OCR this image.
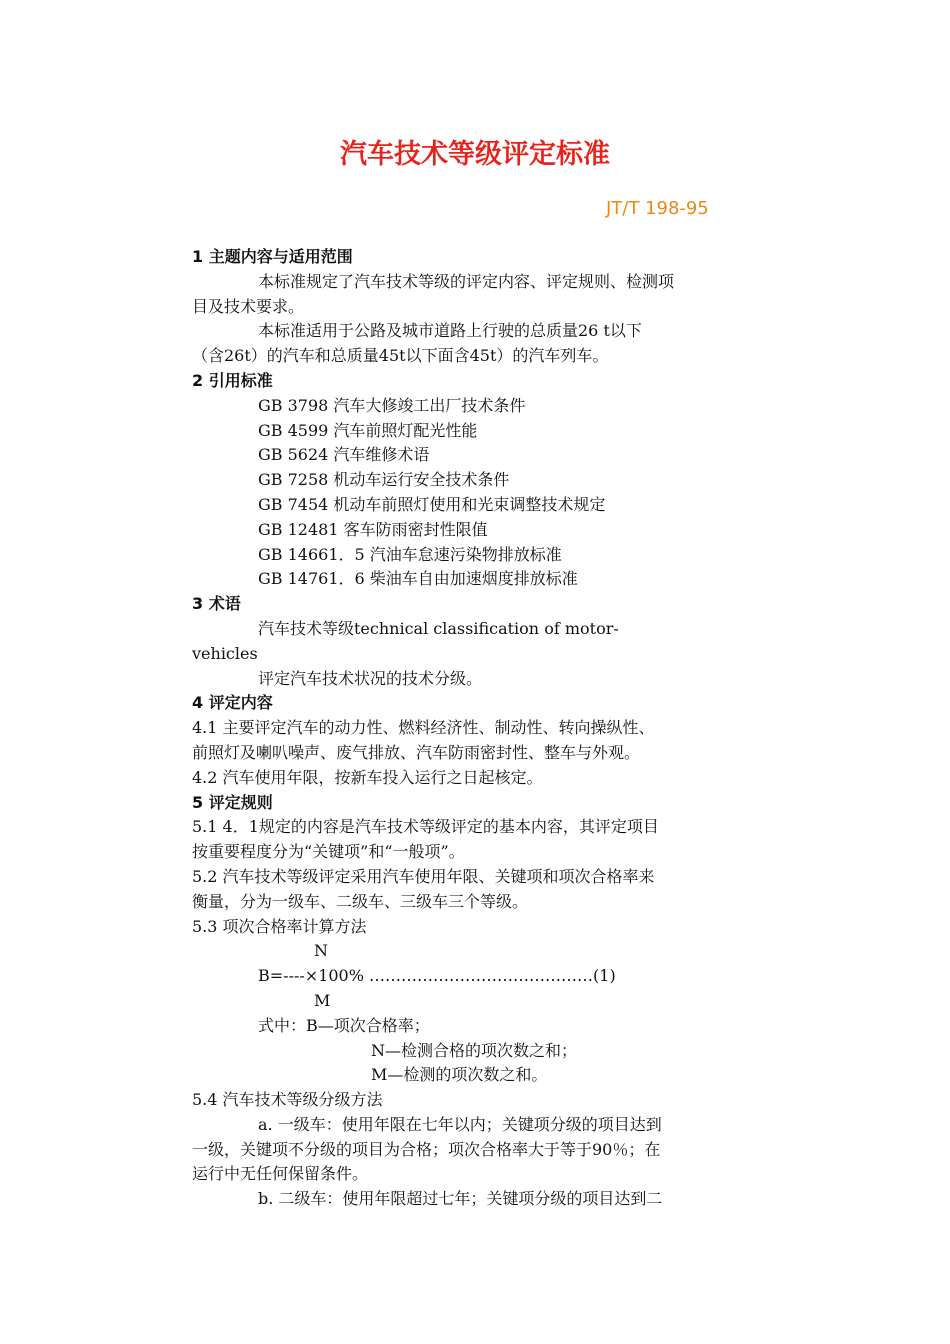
汽车技术等级评定标准
JT/T 198-95
1 主题内容与适用范围
本标准规定了汽车技术等级的评定内容、评定规则、检测项
目及技术要求。
本标准适用于公路及城市道路上行驶的总质量26 t以下
（含26t）的汽车和总质量45t以下面含45t）的汽车列车。
2 引用标准
GB 3798 汽车大修竣工出厂技术条件
GB 4599 汽车前照灯配光性能
GB 5624 汽车维修术语
GB 7258 机动车运行安全技术条件
GB 7454 机动车前照灯使用和光束调整技术规定
GB 12481 客车防雨密封性限值
GB 14661．5 汽油车怠速污染物排放标准
GB 14761．6 柴油车自由加速烟度排放标准
3 术语
汽车技术等级technical classification of motor-
vehicles
评定汽车技术状况的技术分级。
4 评定内容
4.1 主要评定汽车的动力性、燃料经济性、制动性、转向操纵性、
前照灯及喇叭噪声、废气排放、汽车防雨密封性、整车与外观。
4.2 汽车使用年限，按新车投入运行之日起核定。
5 评定规则
5.1 4．1规定的内容是汽车技术等级评定的基本内容，其评定项目
按重要程度分为“关键项”和“一般项”。
5.2 汽车技术等级评定采用汽车使用年限、关键项和项次合格率来
衡量，分为一级车、二级车、三级车三个等级。
5.3 项次合格率计算方法
N
B=----×100% ……………………………………(1)
M
式中：B—项次合格率；
N—检测合格的项次数之和；
M—检测的项次数之和。
5.4 汽车技术等级分级方法
a. 一级车：使用年限在七年以内；关键项分级的项目达到
一级，关键项不分级的项目为合格；项次合格率大于等于90％；在
运行中无任何保留条件。
b. 二级车：使用年限超过七年；关键项分级的项目达到二
